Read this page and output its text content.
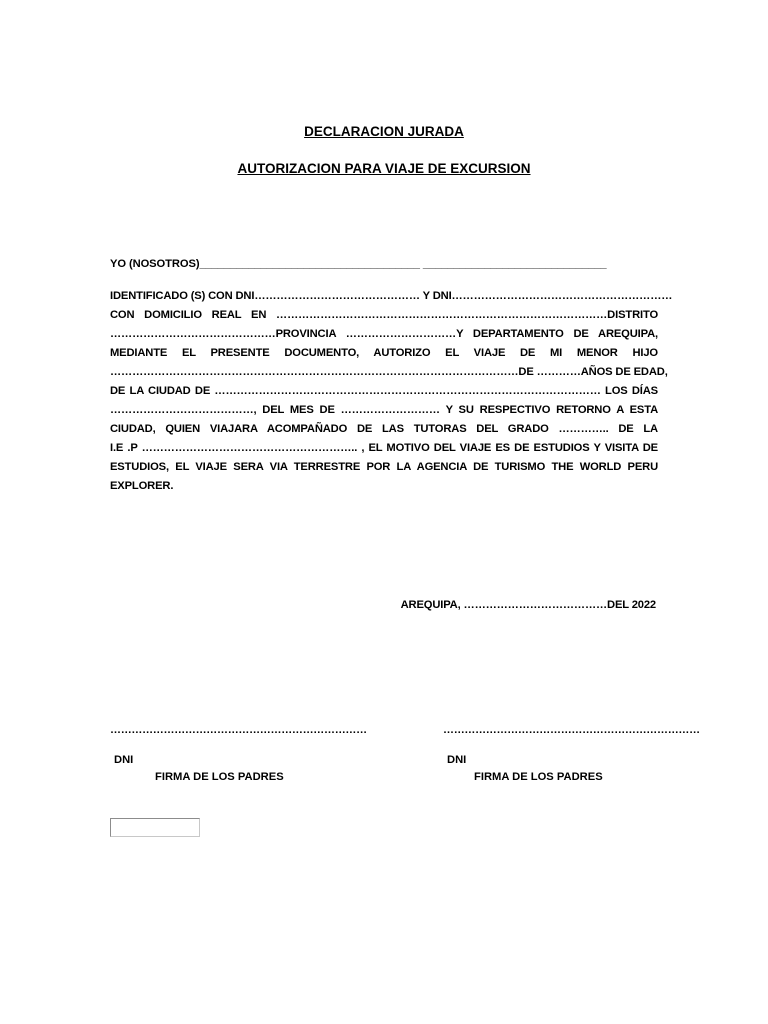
DECLARACION JURADA
AUTORIZACION PARA VIAJE DE EXCURSION
YO (NOSOTROS)____________________________________ ______________________________
IDENTIFICADO (S) CON DNI……………………………………… Y DNI……………………………………………………
CON DOMICILIO REAL EN ………………………………………………………………………………DISTRITO
………………………………………PROVINCIA …………………………Y DEPARTAMENTO DE AREQUIPA,
MEDIANTE EL PRESENTE DOCUMENTO, AUTORIZO EL VIAJE DE MI MENOR HIJO
…………………………………………………………………………………………………DE …………AÑOS DE EDAD,
DE LA CIUDAD DE …………………………………………………………………………………………… LOS DÍAS
…………………………………, DEL MES DE ……………………… Y SU RESPECTIVO RETORNO A ESTA
CIUDAD, QUIEN VIAJARA ACOMPAÑADO DE LAS TUTORAS DEL GRADO ………….. DE LA
I.E .P ………………………………………………….. , EL MOTIVO DEL VIAJE ES DE ESTUDIOS Y VISITA DE
ESTUDIOS, EL VIAJE SERA VIA TERRESTRE POR LA AGENCIA DE TURISMO THE WORLD PERU
EXPLORER.
AREQUIPA, …………………………………DEL 2022
………………………………………………………………	………………………………………………………………
DNI	DNI
FIRMA DE LOS PADRES	FIRMA DE LOS PADRES
